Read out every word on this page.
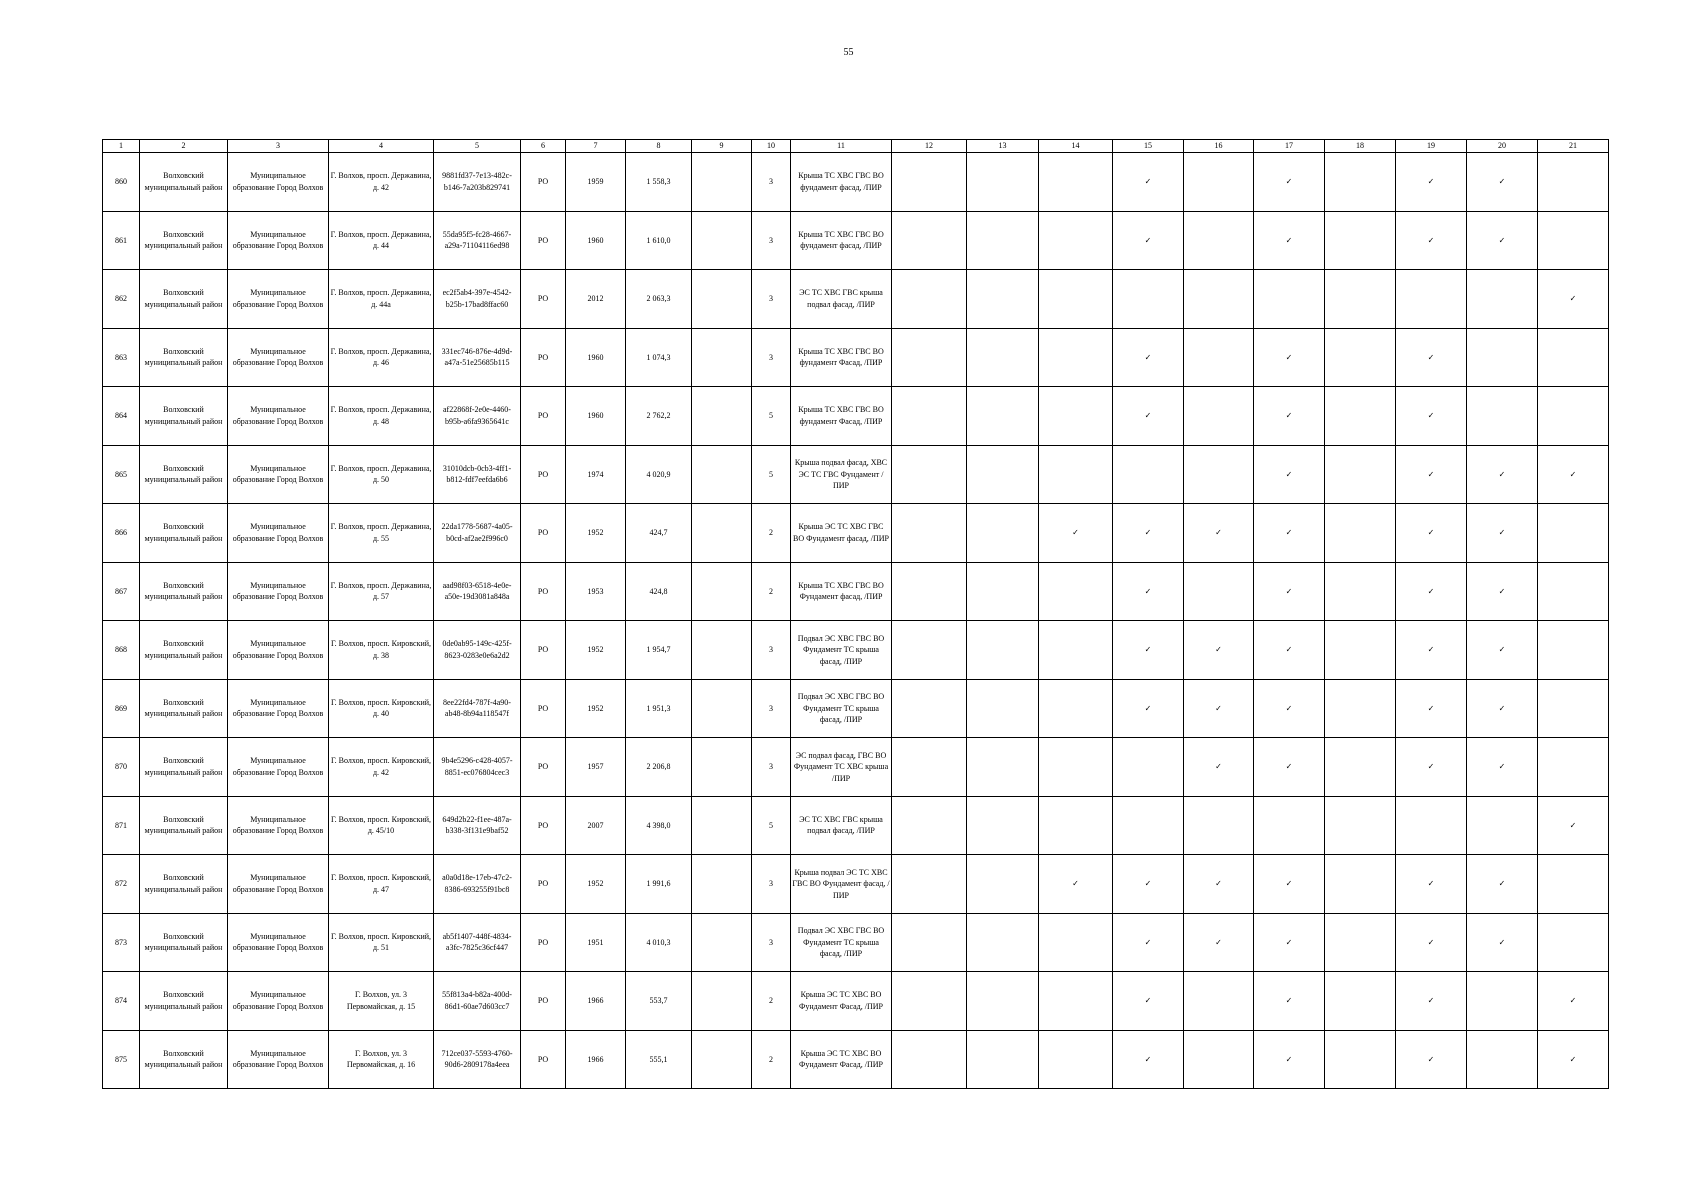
55
1	2	3	4	5	6	7	8	9	10	11	12	13	14	15	16	17	18	19	20	21
860	Волховский муниципальный район	Муниципальное образование Город Волхов	Г. Волхов, просп. Державина, д. 42	9881fd37-7e13-482c-b146-7a203b829741	РО	1959	1 558,3		3	Крыша ТС ХВС ГВС ВО фундамент фасад, /ПИР				✓		✓		✓	✓	
861	Волховский муниципальный район	Муниципальное образование Город Волхов	Г. Волхов, просп. Державина, д. 44	55da95f5-fc28-4667-a29a-71104116ed98	РО	1960	1 610,0		3	Крыша ТС ХВС ГВС ВО фундамент фасад, /ПИР				✓		✓		✓	✓	
862	Волховский муниципальный район	Муниципальное образование Город Волхов	Г. Волхов, просп. Державина, д. 44а	ec2f5ab4-397e-4542-b25b-17bad8ffac60	РО	2012	2 063,3		3	ЭС ТС ХВС ГВС крыша подвал фасад, /ПИР										✓
863	Волховский муниципальный район	Муниципальное образование Город Волхов	Г. Волхов, просп. Державина, д. 46	331ec746-876e-4d9d-a47a-51e25685b115	РО	1960	1 074,3		3	Крыша ТС ХВС ГВС ВО фундамент Фасад, /ПИР				✓		✓		✓		
864	Волховский муниципальный район	Муниципальное образование Город Волхов	Г. Волхов, просп. Державина, д. 48	af22868f-2e0e-4460-b95b-a6fa9365641c	РО	1960	2 762,2		5	Крыша ТС ХВС ГВС ВО фундамент Фасад, /ПИР				✓		✓		✓		
865	Волховский муниципальный район	Муниципальное образование Город Волхов	Г. Волхов, просп. Державина, д. 50	31010dcb-0cb3-4ff1-b812-fdf7eefda6b6	РО	1974	4 020,9		5	Крыша подвал фасад, ХВС ЭС ТС ГВС Фундамент /ПИР						✓		✓	✓	✓
866	Волховский муниципальный район	Муниципальное образование Город Волхов	Г. Волхов, просп. Державина, д. 55	22da1778-5687-4a05-b0cd-af2ae2f996c0	РО	1952	424,7		2	Крыша ЭС ТС ХВС ГВС ВО Фундамент фасад, /ПИР			✓	✓	✓	✓		✓	✓	
867	Волховский муниципальный район	Муниципальное образование Город Волхов	Г. Волхов, просп. Державина, д. 57	aad98f03-6518-4e0e-a50e-19d3081a848a	РО	1953	424,8		2	Крыша ТС ХВС ГВС ВО Фундамент фасад, /ПИР				✓		✓		✓	✓	
868	Волховский муниципальный район	Муниципальное образование Город Волхов	Г. Волхов, просп. Кировский, д. 38	0de0ab95-149c-425f-8623-0283e0e6a2d2	РО	1952	1 954,7		3	Подвал ЭС ХВС ГВС ВО Фундамент ТС крыша фасад, /ПИР				✓	✓	✓		✓	✓	
869	Волховский муниципальный район	Муниципальное образование Город Волхов	Г. Волхов, просп. Кировский, д. 40	8ee22fd4-787f-4a90-ab48-8b94a118547f	РО	1952	1 951,3		3	Подвал ЭС ХВС ГВС ВО Фундамент ТС крыша фасад, /ПИР				✓	✓	✓		✓	✓	
870	Волховский муниципальный район	Муниципальное образование Город Волхов	Г. Волхов, просп. Кировский, д. 42	9b4e5296-c428-4057-8851-ec076804cec3	РО	1957	2 206,8		3	ЭС подвал фасад, ГВС ВО Фундамент ТС ХВС крыша /ПИР					✓	✓		✓	✓	
871	Волховский муниципальный район	Муниципальное образование Город Волхов	Г. Волхов, просп. Кировский, д. 45/10	649d2b22-f1ee-487a-b338-3f131e9baf52	РО	2007	4 398,0		5	ЭС ТС ХВС ГВС крыша подвал фасад, /ПИР										✓
872	Волховский муниципальный район	Муниципальное образование Город Волхов	Г. Волхов, просп. Кировский, д. 47	a0a0d18e-17eb-47c2-8386-693255f91bc8	РО	1952	1 991,6		3	Крыша подвал ЭС ТС ХВС ГВС ВО Фундамент фасад, /ПИР			✓	✓	✓	✓		✓	✓	
873	Волховский муниципальный район	Муниципальное образование Город Волхов	Г. Волхов, просп. Кировский, д. 51	ab5f1407-448f-4834-a3fc-7825c36cf447	РО	1951	4 010,3		3	Подвал ЭС ХВС ГВС ВО Фундамент ТС крыша фасад, /ПИР				✓	✓	✓		✓	✓	
874	Волховский муниципальный район	Муниципальное образование Город Волхов	Г. Волхов, ул. 3 Первомайская, д. 15	55f813a4-b82a-400d-86d1-60ae7d603cc7	РО	1966	553,7		2	Крыша ЭС ТС ХВС ВО Фундамент Фасад, /ПИР				✓		✓		✓		✓
875	Волховский муниципальный район	Муниципальное образование Город Волхов	Г. Волхов, ул. 3 Первомайская, д. 16	712ce037-5593-4760-90d6-2809178a4eea	РО	1966	555,1		2	Крыша ЭС ТС ХВС ВО Фундамент Фасад, /ПИР				✓		✓		✓		✓
